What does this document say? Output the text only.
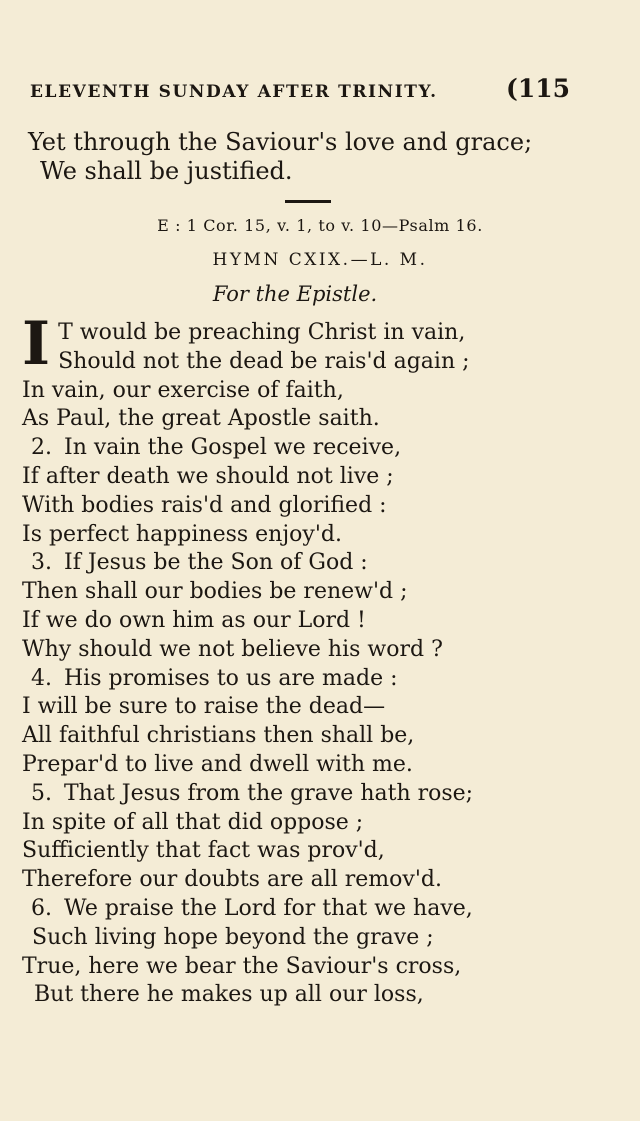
ELEVENTH SUNDAY AFTER TRINITY.	(115
Yet through the Saviour's love and grace;
We shall be justified.
E : 1 Cor. 15, v. 1, to v. 10—Psalm 16.
HYMN CXIX.—L. M.
For the Epistle.
I T would be preaching Christ in vain,
Should not the dead be rais'd again ;
In vain, our exercise of faith,
As Paul, the great Apostle saith.
2. In vain the Gospel we receive,
If after death we should not live ;
With bodies rais'd and glorified :
Is perfect happiness enjoy'd.
3. If Jesus be the Son of God :
Then shall our bodies be renew'd ;
If we do own him as our Lord !
Why should we not believe his word ?
4. His promises to us are made :
I will be sure to raise the dead—
All faithful christians then shall be,
Prepar'd to live and dwell with me.
5. That Jesus from the grave hath rose;
In spite of all that did oppose ;
Sufficiently that fact was prov'd,
Therefore our doubts are all remov'd.
6. We praise the Lord for that we have,
Such living hope beyond the grave ;
True, here we bear the Saviour's cross,
But there he makes up all our loss,
